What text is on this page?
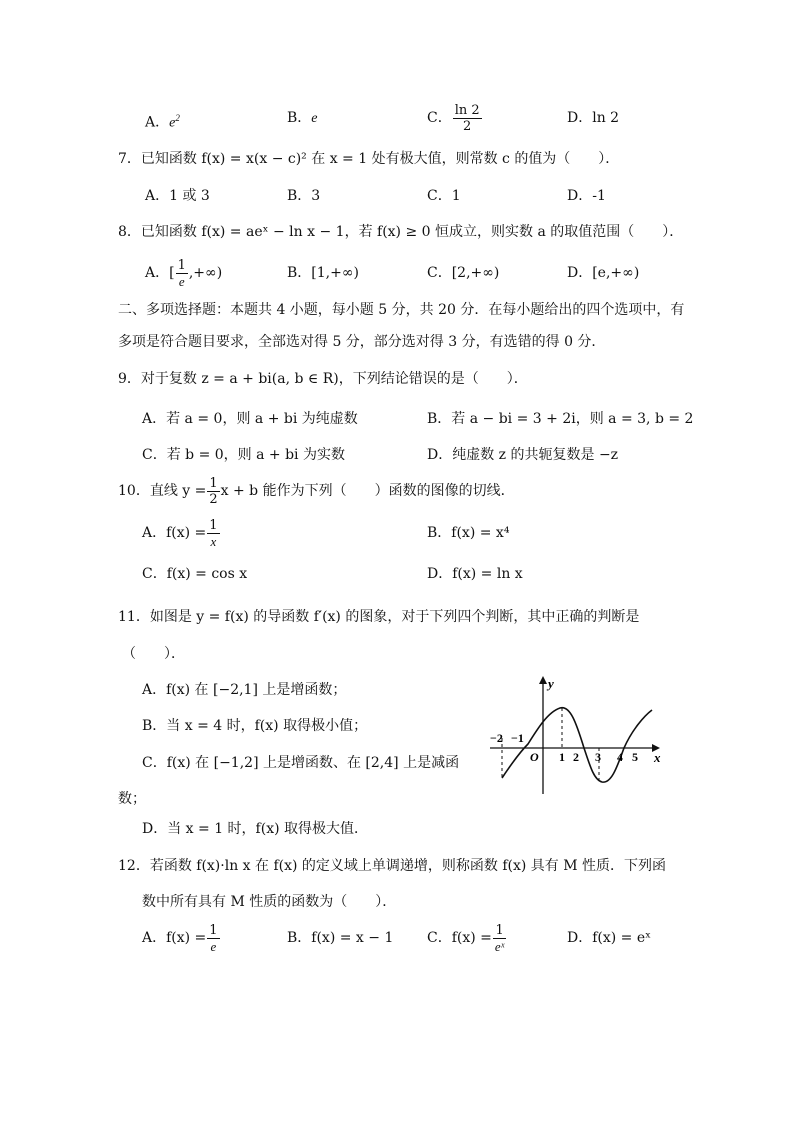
A．$e^2$	B．e	C． $\frac{\ln 2}{2}$	D．ln 2
7．已知函数 f(x) = x(x − c)² 在 x = 1 处有极大值，则常数 c 的值为（　　）．
A．1 或 3	B．3	C．1	D．-1
8．已知函数 f(x) = aeˣ − ln x − 1，若 f(x) ≥ 0 恒成立，则实数 a 的取值范围（　　）．
A．[ $\frac{1}{e}$ ,+∞)	B．[1,+∞)	C．[2,+∞)	D．[e,+∞)
二、多项选择题：本题共 4 小题，每小题 5 分，共 20 分．在每小题给出的四个选项中，有
多项是符合题目要求，全部选对得 5 分，部分选对得 3 分，有选错的得 0 分．
9．对于复数 z = a + bi(a, b ∈ R)，下列结论错误的是（　　）．
A．若 a = 0，则 a + bi 为纯虚数	B．若 a − bi = 3 + 2i，则 a = 3, b = 2
C．若 b = 0，则 a + bi 为实数	D．纯虚数 z 的共轭复数是 −z
10．直线 $y = \frac{1}{2}$ x + b 能作为下列（　　）函数的图像的切线．
A．$f(x) = \frac{1}{x}$	B．f(x) = x⁴
C．f(x) = cos x	D．f(x) = ln x
11．如图是 y = f(x) 的导函数 f′(x) 的图象，对于下列四个判断，其中正确的判断是
（　　）．
A．f(x) 在 [−2,1] 上是增函数；
B．当 x = 4 时，f(x) 取得极小值；
C．f(x) 在 [−1,2] 上是增函数、在 [2,4] 上是减函
数；
D．当 x = 1 时，f(x) 取得极大值．
y
x
O
−2 −1
1 2 3 4 5
12．若函数 f(x)·ln x 在 f(x) 的定义域上单调递增，则称函数 f(x) 具有 M 性质．下列函
数中所有具有 M 性质的函数为（　　）．
A．$f(x) = \frac{1}{e}$	B．f(x) = x − 1 C．$f(x) = \frac{1}{\text{eˣ}}$	D．f(x) = eˣ
